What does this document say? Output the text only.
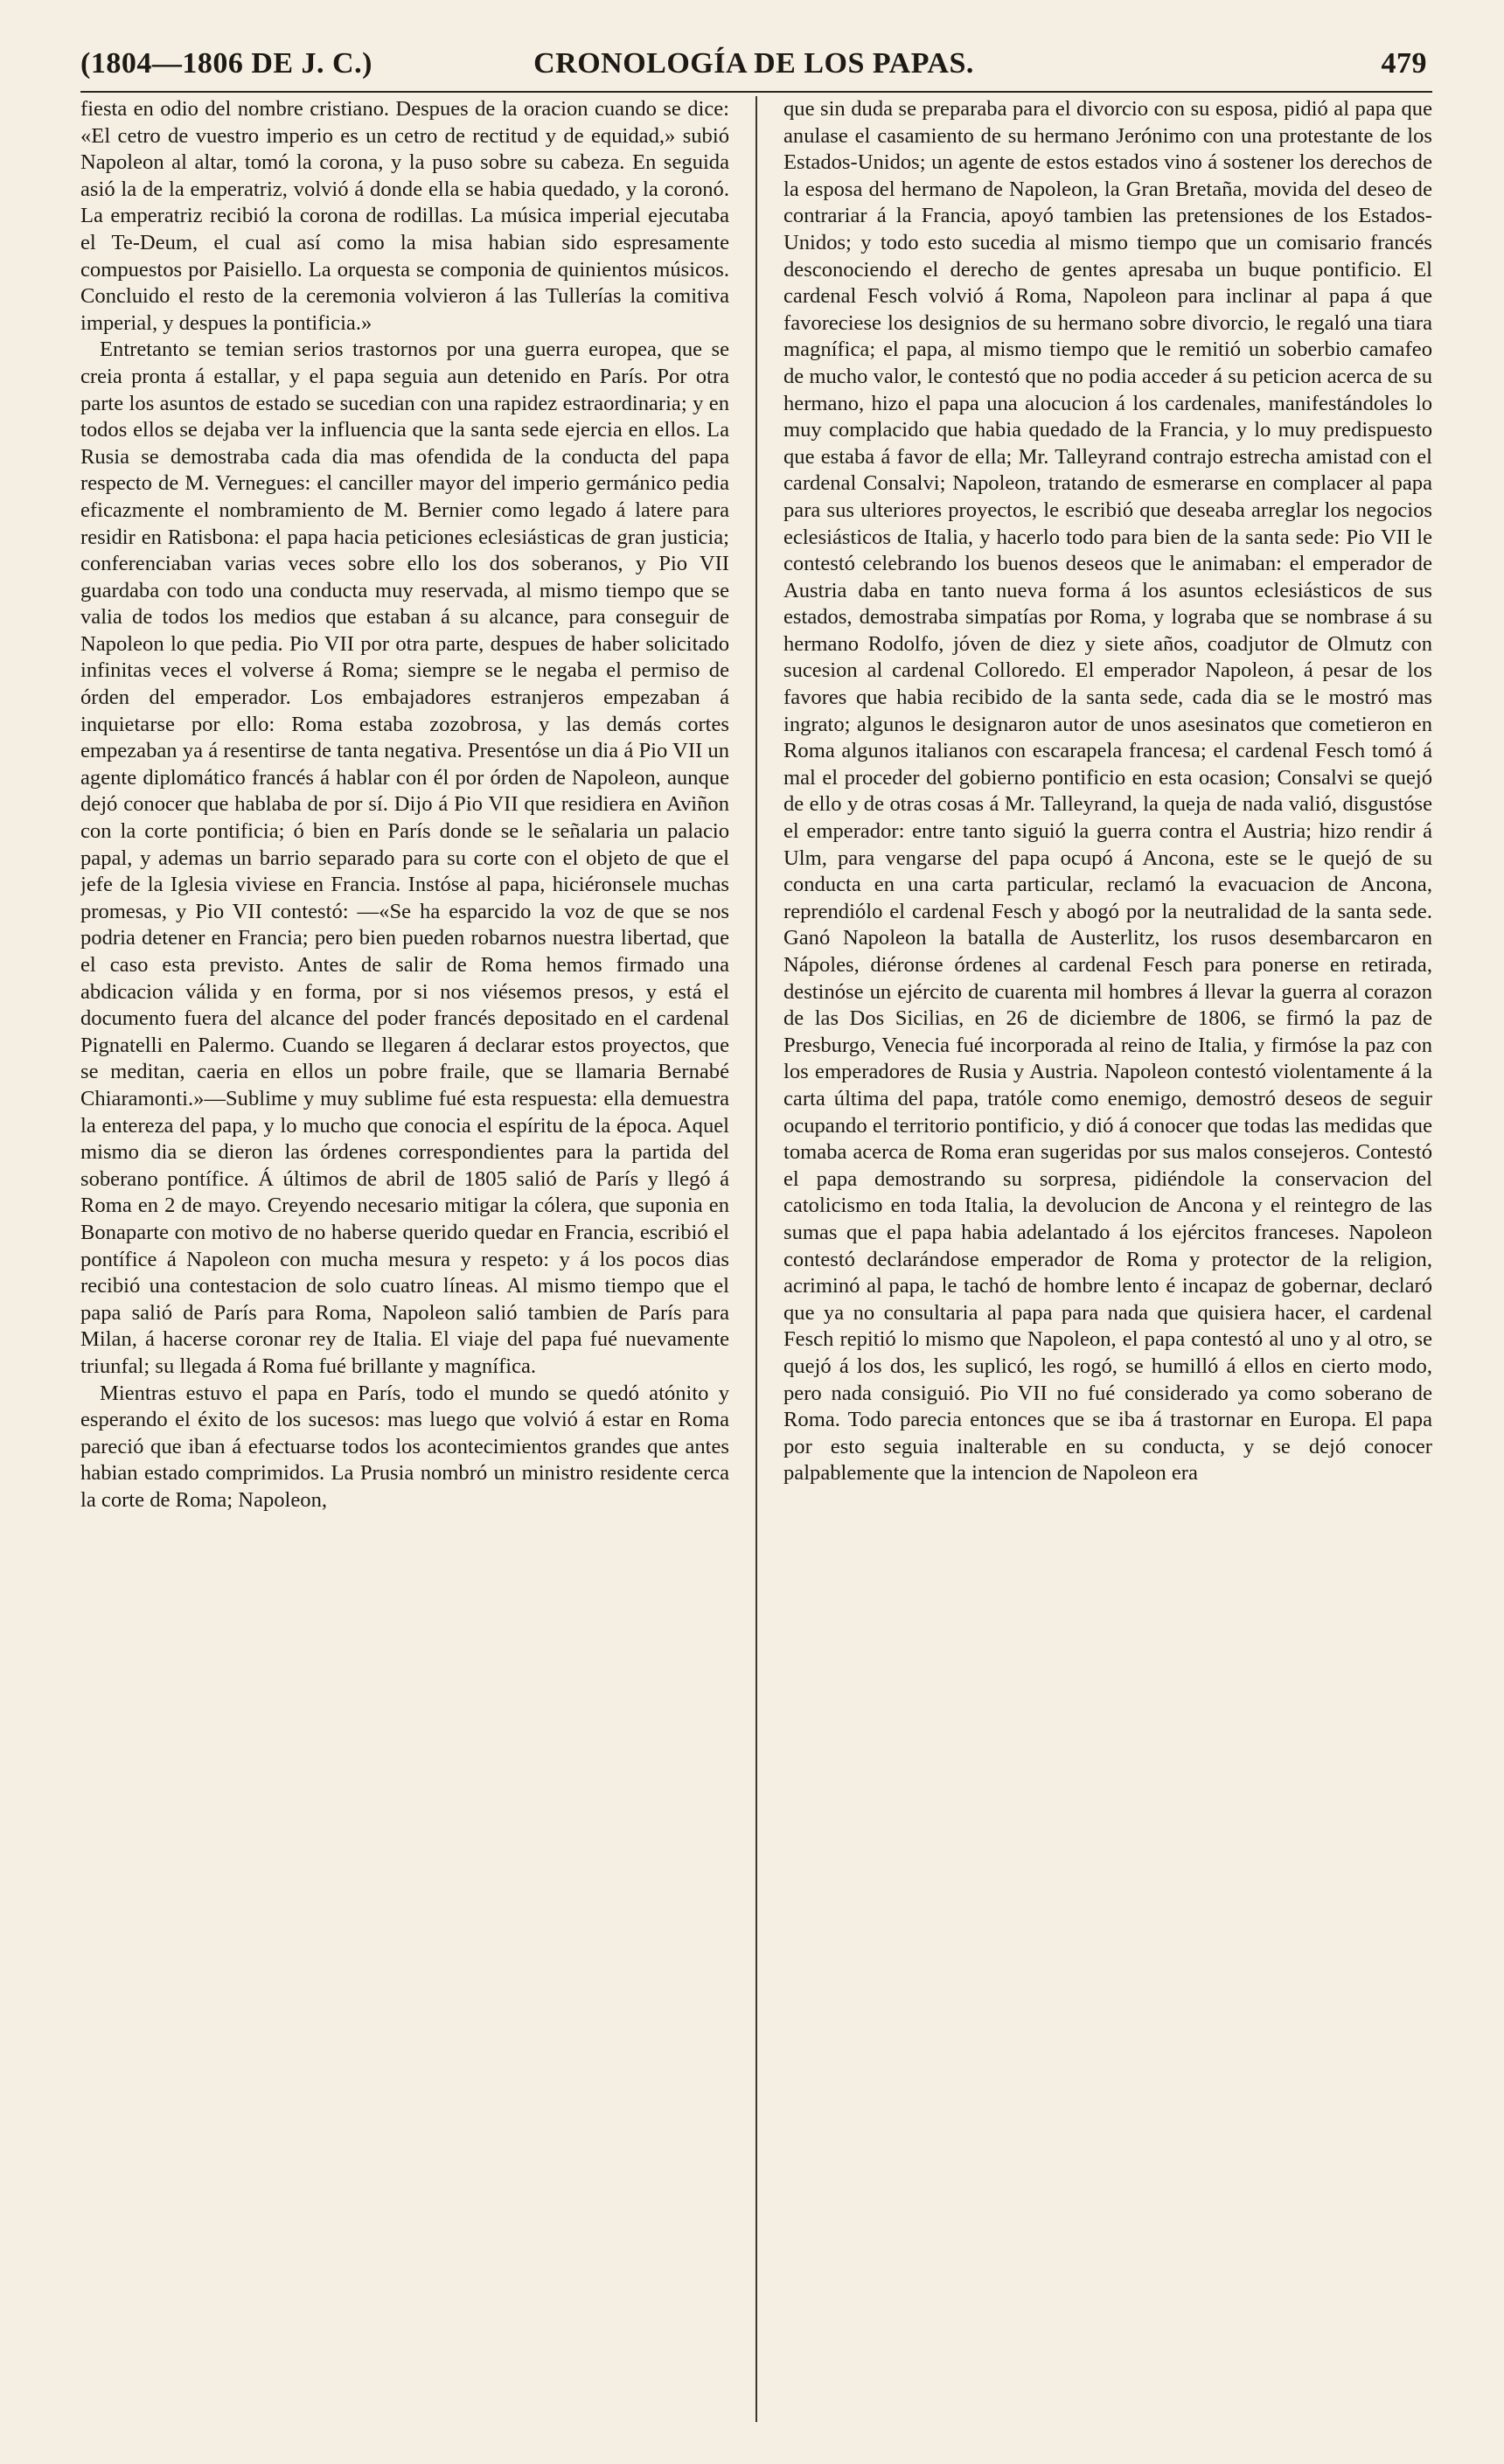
(1804—1806 DE J. C.)	CRONOLOGÍA DE LOS PAPAS.	479

fiesta en odio del nombre cristiano. Despues de la oracion cuando se dice: «El cetro de vuestro imperio es un cetro de rectitud y de equidad,» subió Napoleon al altar, tomó la corona, y la puso sobre su cabeza. En seguida asió la de la emperatriz, volvió á donde ella se habia quedado, y la coronó. La emperatriz recibió la corona de rodillas. La música imperial ejecutaba el Te-Deum, el cual así como la misa habian sido espresamente compuestos por Paisiello. La orquesta se componia de quinientos músicos. Concluido el resto de la ceremonia volvieron á las Tullerías la comitiva imperial, y despues la pontificia.»

Entretanto se temian serios trastornos por una guerra europea, que se creia pronta á estallar, y el papa seguia aun detenido en París. Por otra parte los asuntos de estado se sucedian con una rapidez estraordinaria; y en todos ellos se dejaba ver la influencia que la santa sede ejercia en ellos. La Rusia se demostraba cada dia mas ofendida de la conducta del papa respecto de M. Vernegues: el canciller mayor del imperio germánico pedia eficazmente el nombramiento de M. Bernier como legado á latere para residir en Ratisbona: el papa hacia peticiones eclesiásticas de gran justicia; conferenciaban varias veces sobre ello los dos soberanos, y Pio VII guardaba con todo una conducta muy reservada, al mismo tiempo que se valia de todos los medios que estaban á su alcance, para conseguir de Napoleon lo que pedia. Pio VII por otra parte, despues de haber solicitado infinitas veces el volverse á Roma; siempre se le negaba el permiso de órden del emperador. Los embajadores estranjeros empezaban á inquietarse por ello: Roma estaba zozobrosa, y las demás cortes empezaban ya á resentirse de tanta negativa. Presentóse un dia á Pio VII un agente diplomático francés á hablar con él por órden de Napoleon, aunque dejó conocer que hablaba de por sí. Dijo á Pio VII que residiera en Aviñon con la corte pontificia; ó bien en París donde se le señalaria un palacio papal, y ademas un barrio separado para su corte con el objeto de que el jefe de la Iglesia viviese en Francia. Instóse al papa, hiciéronsele muchas promesas, y Pio VII contestó: —«Se ha esparcido la voz de que se nos podria detener en Francia; pero bien pueden robarnos nuestra libertad, que el caso esta previsto. Antes de salir de Roma hemos firmado una abdicacion válida y en forma, por si nos viésemos presos, y está el documento fuera del alcance del poder francés depositado en el cardenal Pignatelli en Palermo. Cuando se llegaren á declarar estos proyectos, que se meditan, caeria en ellos un pobre fraile, que se llamaria Bernabé Chiaramonti.»—Sublime y muy sublime fué esta respuesta: ella demuestra la entereza del papa, y lo mucho que conocia el espíritu de la época. Aquel mismo dia se dieron las órdenes correspondientes para la partida del soberano pontífice. Á últimos de abril de 1805 salió de París y llegó á Roma en 2 de mayo. Creyendo necesario mitigar la cólera, que suponia en Bonaparte con motivo de no haberse querido quedar en Francia, escribió el pontífice á Napoleon con mucha mesura y respeto: y á los pocos dias recibió una contestacion de solo cuatro líneas. Al mismo tiempo que el papa salió de París para Roma, Napoleon salió tambien de París para Milan, á hacerse coronar rey de Italia. El viaje del papa fué nuevamente triunfal; su llegada á Roma fué brillante y magnífica.

Mientras estuvo el papa en París, todo el mundo se quedó atónito y esperando el éxito de los sucesos: mas luego que volvió á estar en Roma pareció que iban á efectuarse todos los acontecimientos grandes que antes habian estado comprimidos. La Prusia nombró un ministro residente cerca la corte de Roma; Napoleon,

que sin duda se preparaba para el divorcio con su esposa, pidió al papa que anulase el casamiento de su hermano Jerónimo con una protestante de los Estados-Unidos; un agente de estos estados vino á sostener los derechos de la esposa del hermano de Napoleon, la Gran Bretaña, movida del deseo de contrariar á la Francia, apoyó tambien las pretensiones de los Estados-Unidos; y todo esto sucedia al mismo tiempo que un comisario francés desconociendo el derecho de gentes apresaba un buque pontificio. El cardenal Fesch volvió á Roma, Napoleon para inclinar al papa á que favoreciese los designios de su hermano sobre divorcio, le regaló una tiara magnífica; el papa, al mismo tiempo que le remitió un soberbio camafeo de mucho valor, le contestó que no podia acceder á su peticion acerca de su hermano, hizo el papa una alocucion á los cardenales, manifestándoles lo muy complacido que habia quedado de la Francia, y lo muy predispuesto que estaba á favor de ella; Mr. Talleyrand contrajo estrecha amistad con el cardenal Consalvi; Napoleon, tratando de esmerarse en complacer al papa para sus ulteriores proyectos, le escribió que deseaba arreglar los negocios eclesiásticos de Italia, y hacerlo todo para bien de la santa sede: Pio VII le contestó celebrando los buenos deseos que le animaban: el emperador de Austria daba en tanto nueva forma á los asuntos eclesiásticos de sus estados, demostraba simpatías por Roma, y lograba que se nombrase á su hermano Rodolfo, jóven de diez y siete años, coadjutor de Olmutz con sucesion al cardenal Colloredo. El emperador Napoleon, á pesar de los favores que habia recibido de la santa sede, cada dia se le mostró mas ingrato; algunos le designaron autor de unos asesinatos que cometieron en Roma algunos italianos con escarapela francesa; el cardenal Fesch tomó á mal el proceder del gobierno pontificio en esta ocasion; Consalvi se quejó de ello y de otras cosas á Mr. Talleyrand, la queja de nada valió, disgustóse el emperador: entre tanto siguió la guerra contra el Austria; hizo rendir á Ulm, para vengarse del papa ocupó á Ancona, este se le quejó de su conducta en una carta particular, reclamó la evacuacion de Ancona, reprendiólo el cardenal Fesch y abogó por la neutralidad de la santa sede. Ganó Napoleon la batalla de Austerlitz, los rusos desembarcaron en Nápoles, diéronse órdenes al cardenal Fesch para ponerse en retirada, destinóse un ejército de cuarenta mil hombres á llevar la guerra al corazon de las Dos Sicilias, en 26 de diciembre de 1806, se firmó la paz de Presburgo, Venecia fué incorporada al reino de Italia, y firmóse la paz con los emperadores de Rusia y Austria. Napoleon contestó violentamente á la carta última del papa, tratóle como enemigo, demostró deseos de seguir ocupando el territorio pontificio, y dió á conocer que todas las medidas que tomaba acerca de Roma eran sugeridas por sus malos consejeros. Contestó el papa demostrando su sorpresa, pidiéndole la conservacion del catolicismo en toda Italia, la devolucion de Ancona y el reintegro de las sumas que el papa habia adelantado á los ejércitos franceses. Napoleon contestó declarándose emperador de Roma y protector de la religion, acriminó al papa, le tachó de hombre lento é incapaz de gobernar, declaró que ya no consultaria al papa para nada que quisiera hacer, el cardenal Fesch repitió lo mismo que Napoleon, el papa contestó al uno y al otro, se quejó á los dos, les suplicó, les rogó, se humilló á ellos en cierto modo, pero nada consiguió. Pio VII no fué considerado ya como soberano de Roma. Todo parecia entonces que se iba á trastornar en Europa. El papa por esto seguia inalterable en su conducta, y se dejó conocer palpablemente que la intencion de Napoleon era
